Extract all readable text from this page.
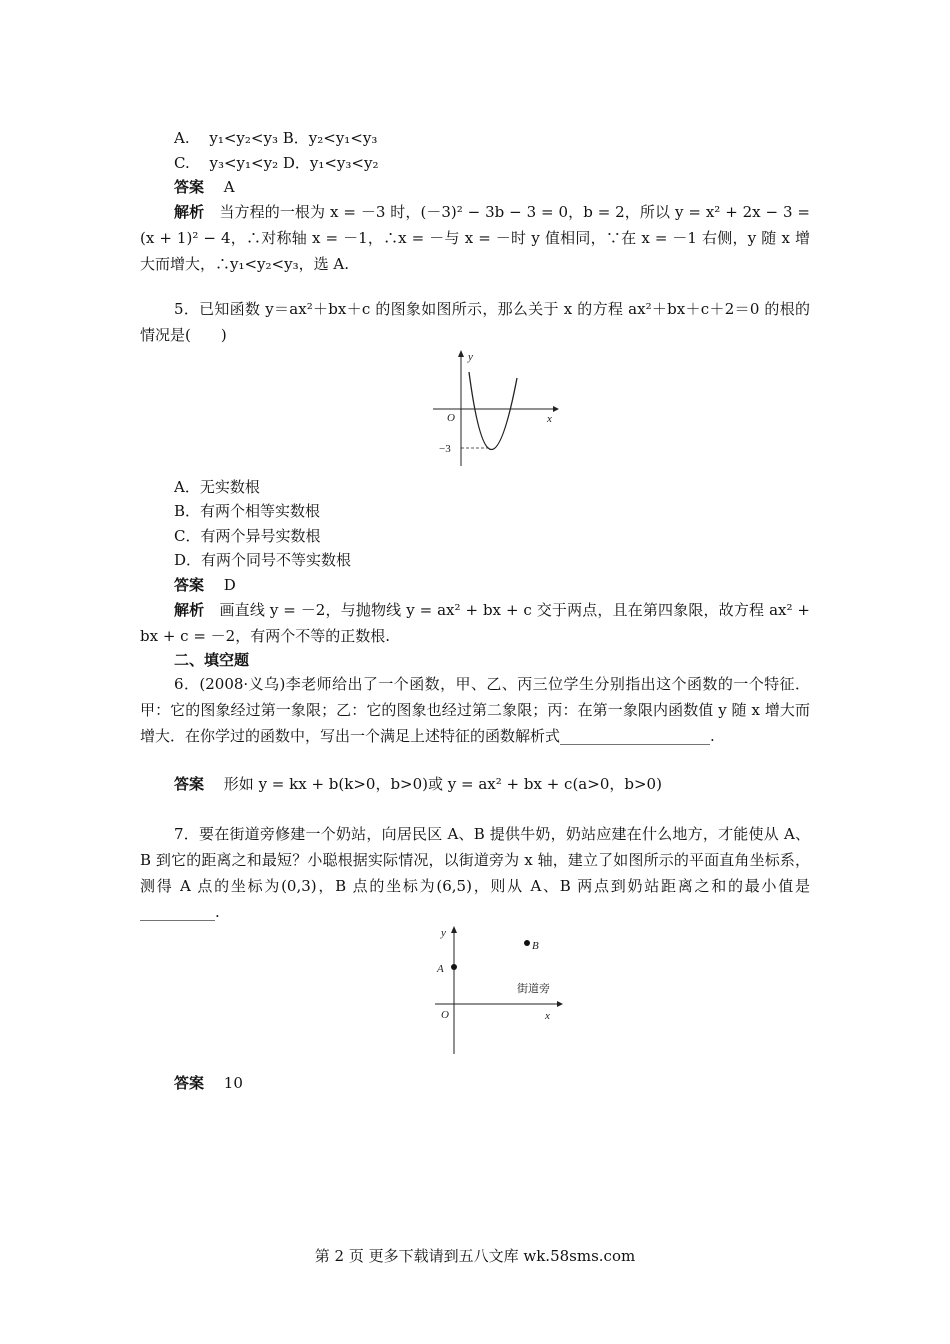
A.　 y₁<y₂<y₃ B．y₂<y₁<y₃
C.　 y₃<y₁<y₂ D．y₁<y₃<y₂
答案　 A
解析　 当方程的一根为 x = －3 时，(－3)² − 3b − 3 = 0，b = 2，所以 y = x² + 2x − 3 = (x + 1)² − 4，∴对称轴 x = －1，∴x = －与 x = －时 y 值相同，∵在 x = －1 右侧，y 随 x 增大而增大，∴y₁<y₂<y₃，选 A.
5．已知函数 y＝ax²＋bx＋c 的图象如图所示，那么关于 x 的方程 ax²＋bx＋c＋2＝0 的根的情况是(　　)
y
x
O
−3
A．无实数根
B．有两个相等实数根
C．有两个异号实数根
D．有两个同号不等实数根
答案　 D
解析　 画直线 y = －2，与抛物线 y = ax² + bx + c 交于两点，且在第四象限，故方程 ax² + bx + c = －2，有两个不等的正数根.
二、填空题
6．(2008·义乌)李老师给出了一个函数，甲、乙、丙三位学生分别指出这个函数的一个特征．甲：它的图象经过第一象限；乙：它的图象也经过第二象限；丙：在第一象限内函数值 y 随 x 增大而增大．在你学过的函数中，写出一个满足上述特征的函数解析式____________________.
答案　 形如 y = kx + b(k>0，b>0)或 y = ax² + bx + c(a>0，b>0)
7．要在街道旁修建一个奶站，向居民区 A、B 提供牛奶，奶站应建在什么地方，才能使从 A、B 到它的距离之和最短？小聪根据实际情况，以街道旁为 x 轴，建立了如图所示的平面直角坐标系，测得 A 点的坐标为(0,3)，B 点的坐标为(6,5)，则从 A、B 两点到奶站距离之和的最小值是__________.
y
x
O
A
B
街道旁
答案　 10
第 2 页 更多下载请到五八文库 wk.58sms.com
